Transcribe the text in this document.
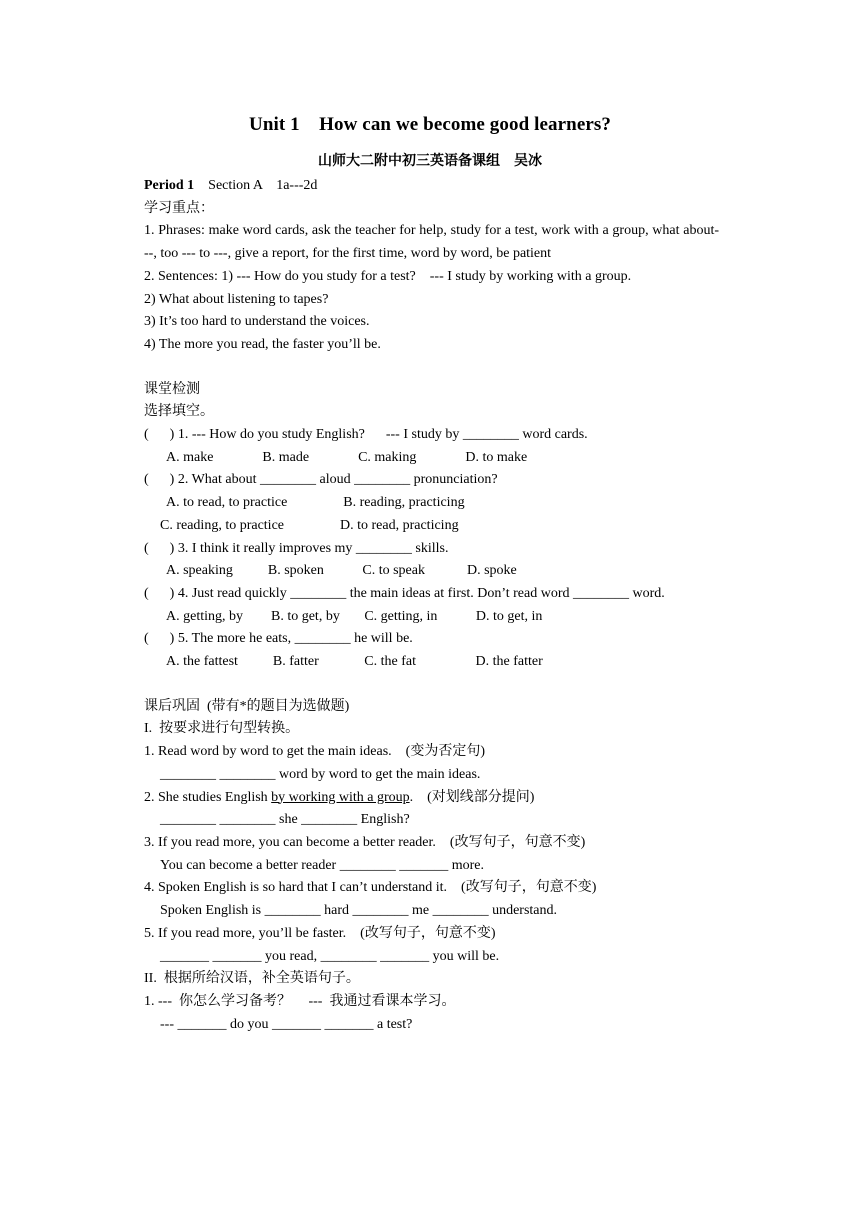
Unit 1    How can we become good learners?
山师大二附中初三英语备课组    吴冰

Period 1    Section A    1a---2d

学习重点：

1. Phrases: make word cards, ask the teacher for help, study for a test, work with a group, what about---, too --- to ---, give a report, for the first time, word by word, be patient

2. Sentences: 1) --- How do you study for a test?    --- I study by working with a group.

2) What about listening to tapes?

3) It’s too hard to understand the voices.

4) The more you read, the faster you’ll be.

课堂检测

选择填空。

(      ) 1. --- How do you study English?      --- I study by ________ word cards.

A. make              B. made              C. making              D. to make

(      ) 2. What about ________ aloud ________ pronunciation?

A. to read, to practice                B. reading, practicing

C. reading, to practice                D. to read, practicing

(      ) 3. I think it really improves my ________ skills.

A. speaking          B. spoken           C. to speak            D. spoke

(      ) 4. Just read quickly ________ the main ideas at first. Don’t read word ________ word.

A. getting, by        B. to get, by       C. getting, in           D. to get, in

(      ) 5. The more he eats, ________ he will be.

A. the fattest          B. fatter             C. the fat                 D. the fatter

课后巩固  (带有*的题目为选做题)

I.  按要求进行句型转换。

1. Read word by word to get the main ideas.    (变为否定句)

________ ________ word by word to get the main ideas.

2. She studies English by working with a group.    (对划线部分提问)

________ ________ she ________ English?

3. If you read more, you can become a better reader.    (改写句子，句意不变)

You can become a better reader ________ _______ more.

4. Spoken English is so hard that I can’t understand it.    (改写句子，句意不变)

Spoken English is ________ hard ________ me ________ understand.

5. If you read more, you’ll be faster.    (改写句子，句意不变)

_______ _______ you read, ________ _______ you will be.

II.  根据所给汉语，补全英语句子。

1. ---  你怎么学习备考？     ---  我通过看课本学习。

--- _______ do you _______ _______ a test?
